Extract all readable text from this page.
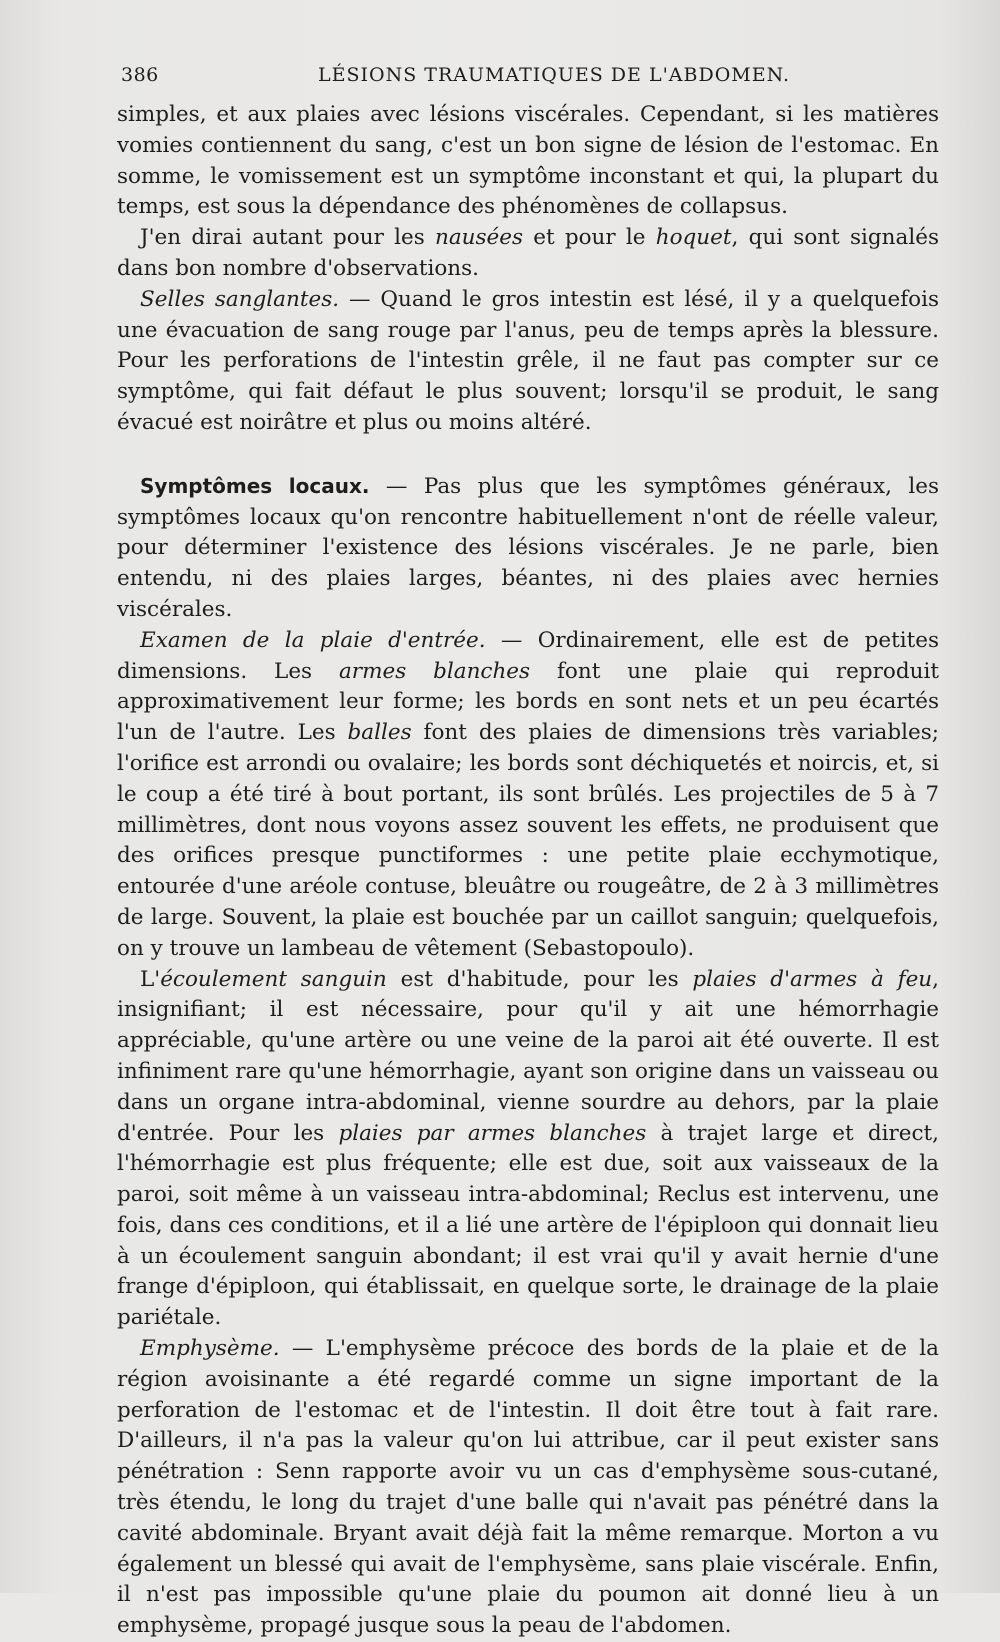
386	LÉSIONS TRAUMATIQUES DE L'ABDOMEN.

simples, et aux plaies avec lésions viscérales. Cependant, si les matières vomies contiennent du sang, c'est un bon signe de lésion de l'estomac. En somme, le vomissement est un symptôme inconstant et qui, la plupart du temps, est sous la dépendance des phénomènes de collapsus.

J'en dirai autant pour les nausées et pour le hoquet, qui sont signalés dans bon nombre d'observations.

Selles sanglantes. — Quand le gros intestin est lésé, il y a quelquefois une évacuation de sang rouge par l'anus, peu de temps après la blessure. Pour les perforations de l'intestin grêle, il ne faut pas compter sur ce symptôme, qui fait défaut le plus souvent; lorsqu'il se produit, le sang évacué est noirâtre et plus ou moins altéré.

Symptômes locaux. — Pas plus que les symptômes généraux, les symptômes locaux qu'on rencontre habituellement n'ont de réelle valeur, pour déterminer l'existence des lésions viscérales. Je ne parle, bien entendu, ni des plaies larges, béantes, ni des plaies avec hernies viscérales.

Examen de la plaie d'entrée. — Ordinairement, elle est de petites dimensions. Les armes blanches font une plaie qui reproduit approximativement leur forme; les bords en sont nets et un peu écartés l'un de l'autre. Les balles font des plaies de dimensions très variables; l'orifice est arrondi ou ovalaire; les bords sont déchiquetés et noircis, et, si le coup a été tiré à bout portant, ils sont brûlés. Les projectiles de 5 à 7 millimètres, dont nous voyons assez souvent les effets, ne produisent que des orifices presque punctiformes : une petite plaie ecchymotique, entourée d'une aréole contuse, bleuâtre ou rougeâtre, de 2 à 3 millimètres de large. Souvent, la plaie est bouchée par un caillot sanguin; quelquefois, on y trouve un lambeau de vêtement (Sebastopoulo).

L'écoulement sanguin est d'habitude, pour les plaies d'armes à feu, insignifiant; il est nécessaire, pour qu'il y ait une hémorrhagie appréciable, qu'une artère ou une veine de la paroi ait été ouverte. Il est infiniment rare qu'une hémorrhagie, ayant son origine dans un vaisseau ou dans un organe intra-abdominal, vienne sourdre au dehors, par la plaie d'entrée. Pour les plaies par armes blanches à trajet large et direct, l'hémorrhagie est plus fréquente; elle est due, soit aux vaisseaux de la paroi, soit même à un vaisseau intra-abdominal; Reclus est intervenu, une fois, dans ces conditions, et il a lié une artère de l'épiploon qui donnait lieu à un écoulement sanguin abondant; il est vrai qu'il y avait hernie d'une frange d'épiploon, qui établissait, en quelque sorte, le drainage de la plaie pariétale.

Emphysème. — L'emphysème précoce des bords de la plaie et de la région avoisinante a été regardé comme un signe important de la perforation de l'estomac et de l'intestin. Il doit être tout à fait rare. D'ailleurs, il n'a pas la valeur qu'on lui attribue, car il peut exister sans pénétration : Senn rapporte avoir vu un cas d'emphysème sous-cutané, très étendu, le long du trajet d'une balle qui n'avait pas pénétré dans la cavité abdominale. Bryant avait déjà fait la même remarque. Morton a vu également un blessé qui avait de l'emphysème, sans plaie viscérale. Enfin, il n'est pas impossible qu'une plaie du poumon ait donné lieu à un emphysème, propagé jusque sous la peau de l'abdomen.
